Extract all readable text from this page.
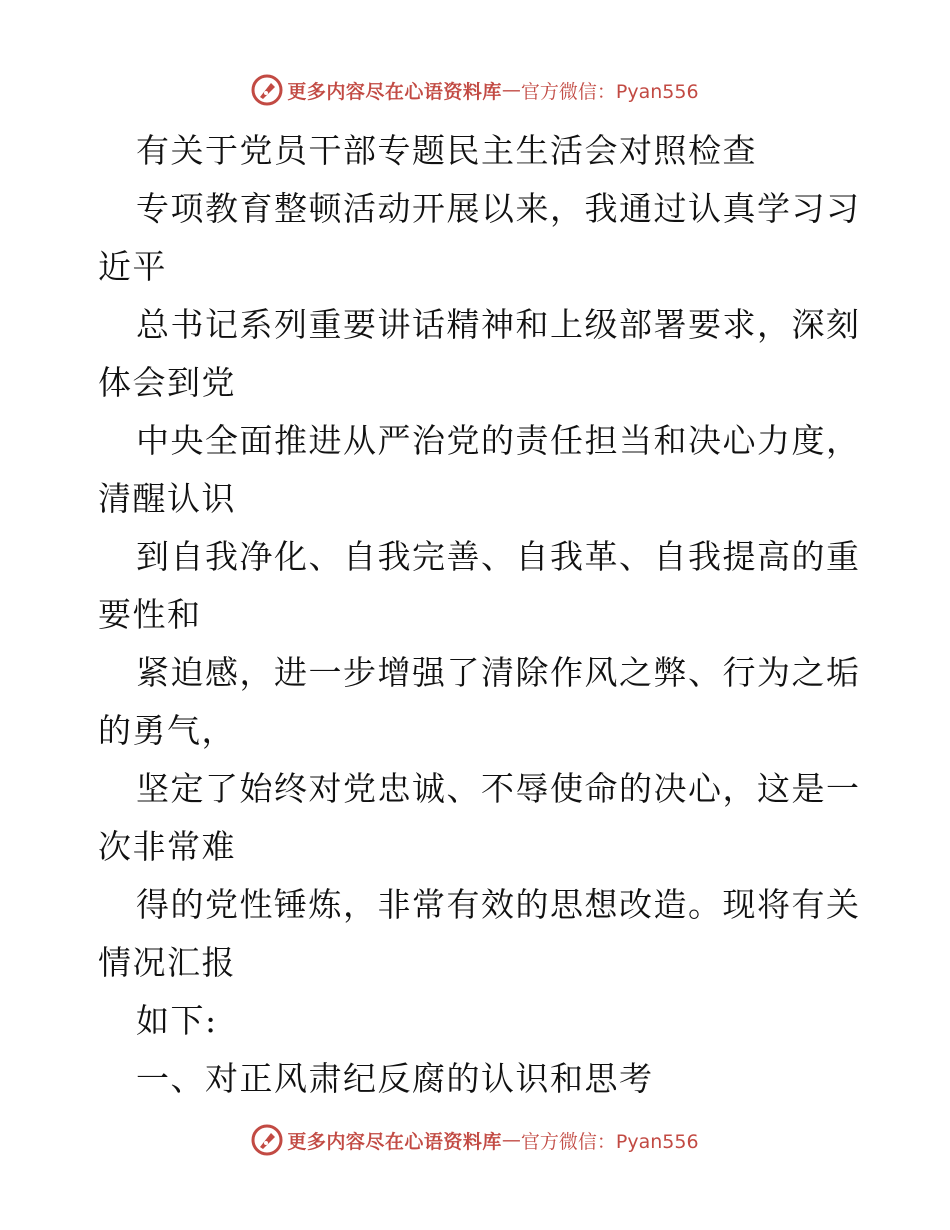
更多内容尽在心语资料库 — 官方微信：Pyan556
有关于党员干部专题民主生活会对照检查
专项教育整顿活动开展以来，我通过认真学习习
近平
总书记系列重要讲话精神和上级部署要求，深刻
体会到党
中央全面推进从严治党的责任担当和决心力度，
清醒认识
到自我净化、自我完善、自我革、自我提高的重
要性和
紧迫感，进一步增强了清除作风之弊、行为之垢
的勇气，
坚定了始终对党忠诚、不辱使命的决心，这是一
次非常难
得的党性锤炼，非常有效的思想改造。现将有关
情况汇报
如下:
一、对正风肃纪反腐的认识和思考
更多内容尽在心语资料库 — 官方微信：Pyan556
